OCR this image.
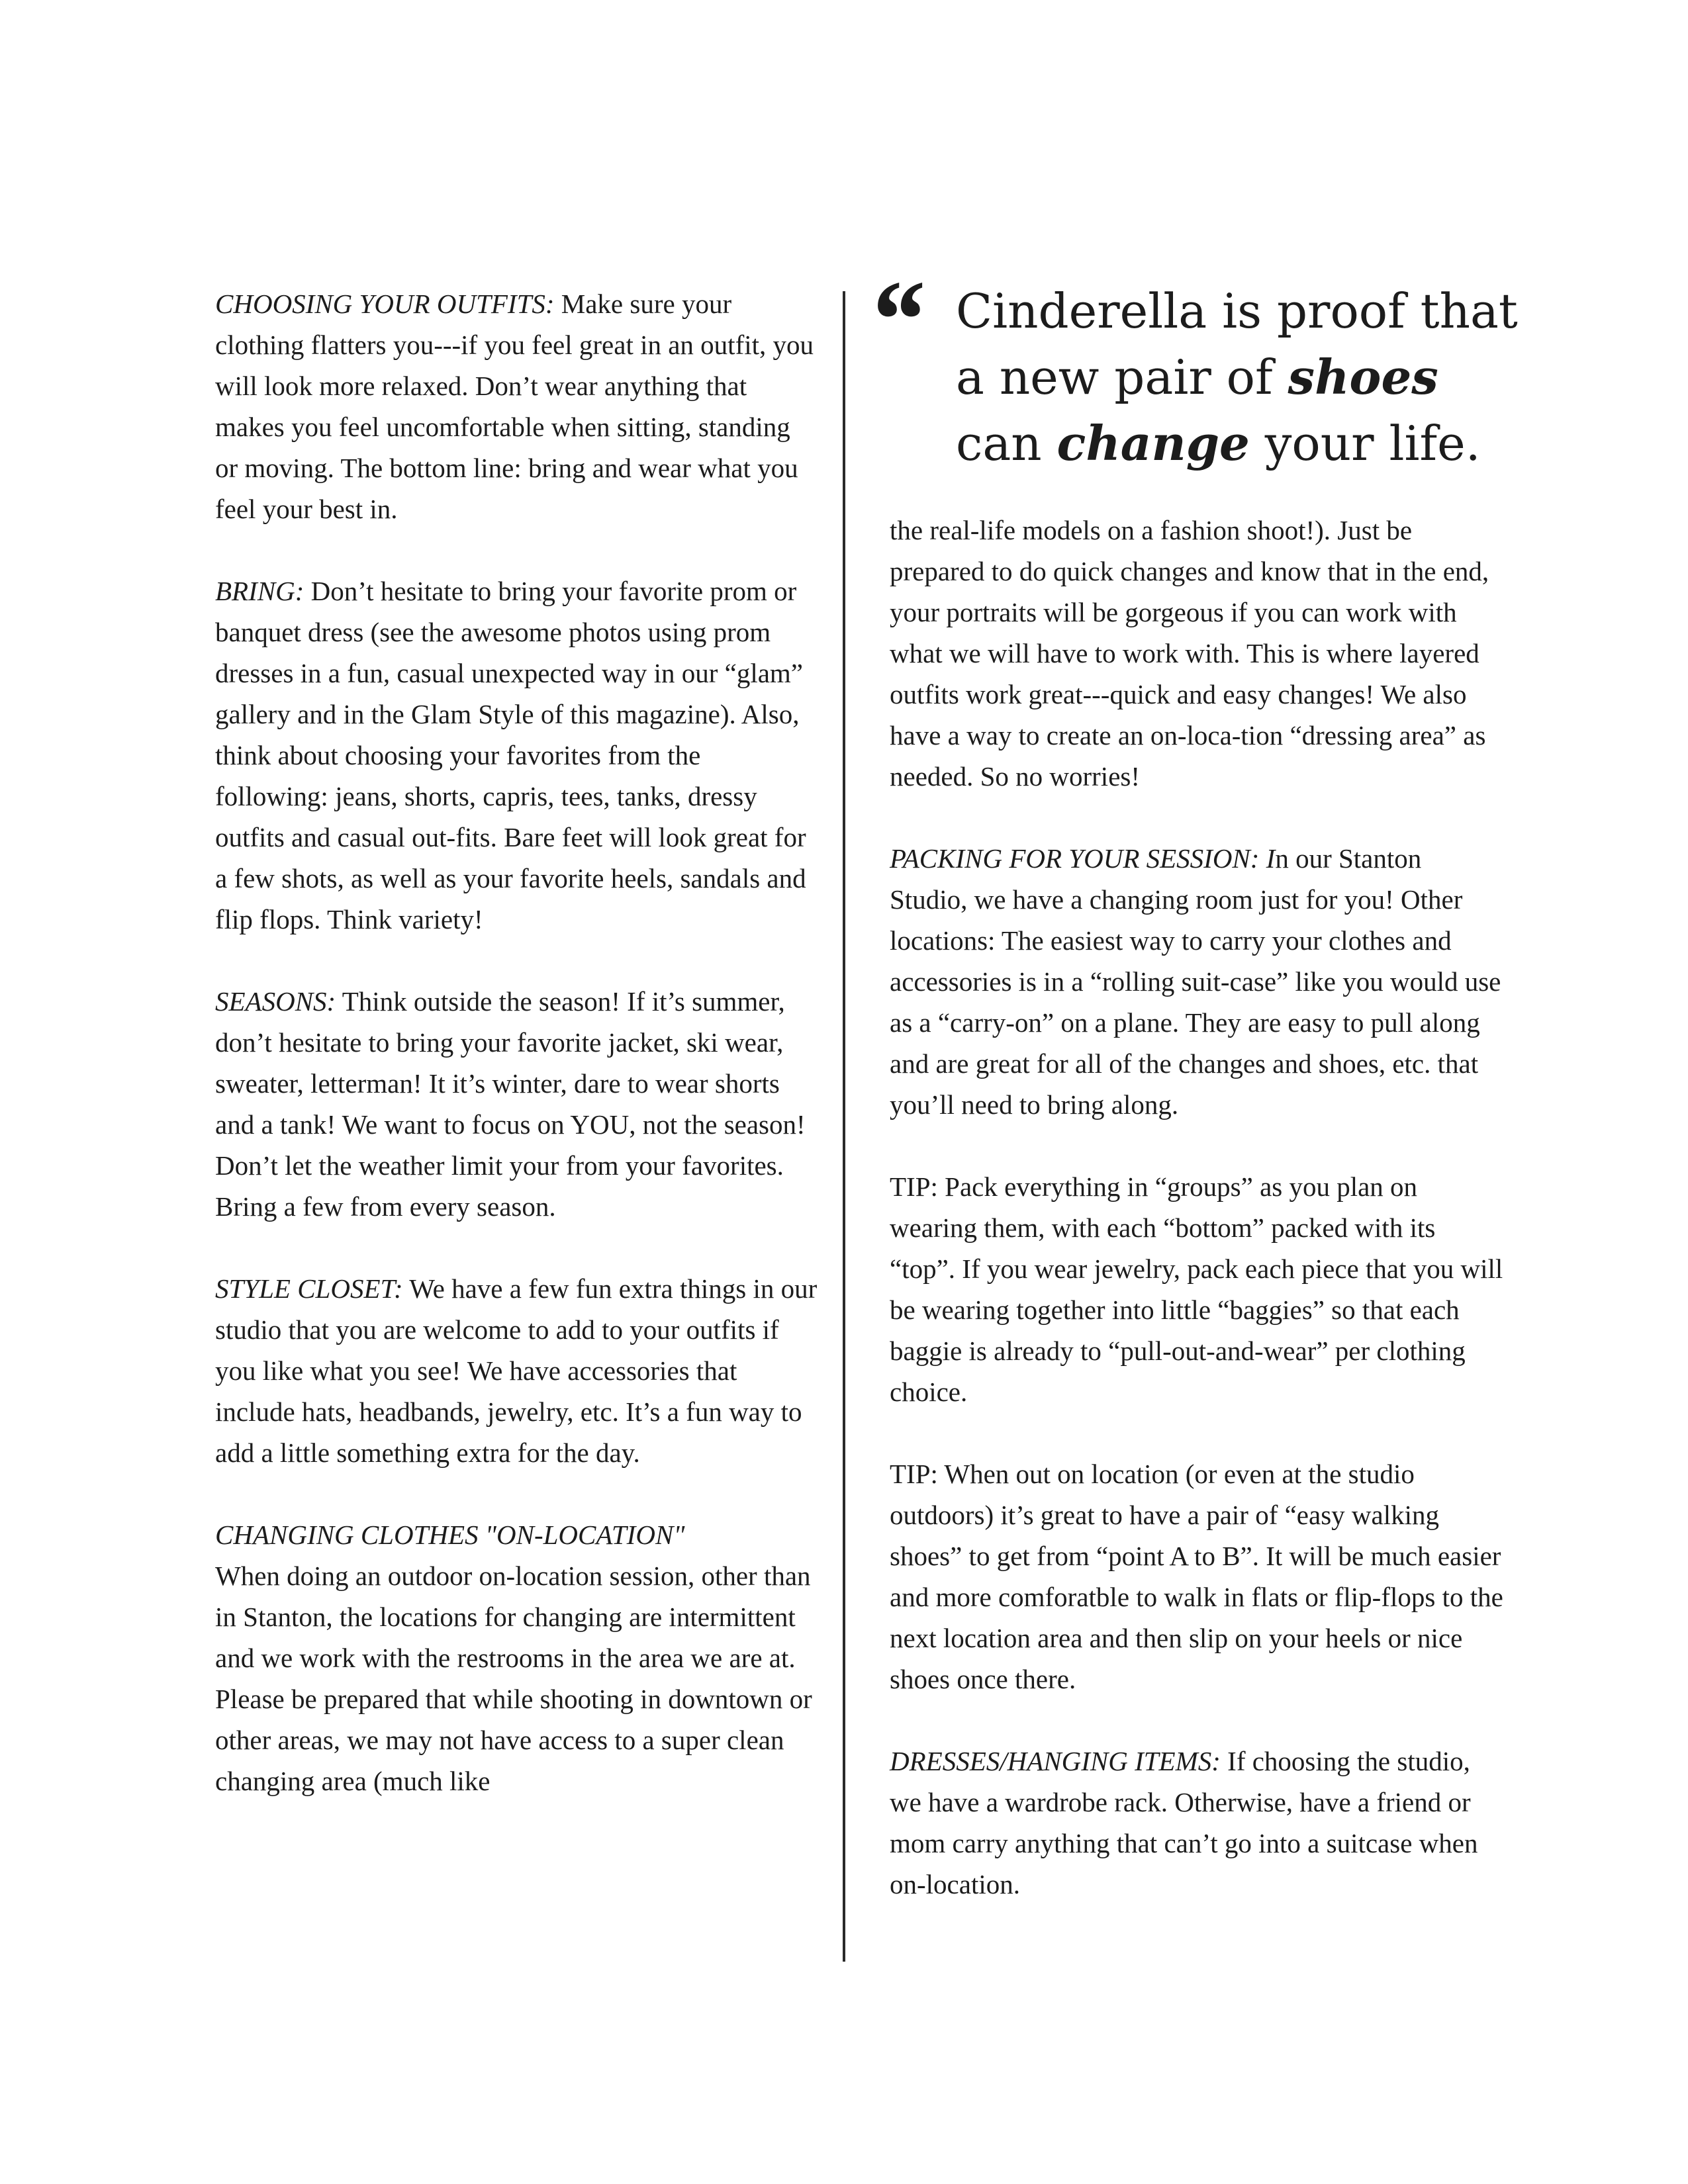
CHOOSING YOUR OUTFITS: Make sure your clothing flatters you---if you feel great in an outfit, you will look more relaxed. Don’t wear anything that makes you feel uncomfortable when sitting, standing or moving. The bottom line: bring and wear what you feel your best in.

BRING: Don’t hesitate to bring your favorite prom or banquet dress (see the awesome photos using prom dresses in a fun, casual unexpected way in our “glam” gallery and in the Glam Style of this magazine). Also, think about choosing your favorites from the following: jeans, shorts, capris, tees, tanks, dressy outfits and casual out-fits. Bare feet will look great for a few shots, as well as your favorite heels, sandals and flip flops. Think variety!

SEASONS: Think outside the season! If it’s summer, don’t hesitate to bring your favorite jacket, ski wear, sweater, letterman! It it’s winter, dare to wear shorts and a tank! We want to focus on YOU, not the season! Don’t let the weather limit your from your favorites. Bring a few from every season.

STYLE CLOSET: We have a few fun extra things in our studio that you are welcome to add to your outfits if you like what you see! We have accessories that include hats, headbands, jewelry, etc. It’s a fun way to add a little something extra for the day.

CHANGING CLOTHES "ON-LOCATION"
When doing an outdoor on-location session, other than in Stanton, the locations for changing are intermittent and we work with the restrooms in the area we are at. Please be prepared that while shooting in downtown or other areas, we may not have access to a super clean changing area (much like

“ Cinderella is proof that
a new pair of shoes
can change your life.

the real-life models on a fashion shoot!). Just be prepared to do quick changes and know that in the end, your portraits will be gorgeous if you can work with what we will have to work with. This is where layered outfits work great---quick and easy changes! We also have a way to create an on-loca-tion “dressing area” as needed. So no worries!

PACKING FOR YOUR SESSION: In our Stanton Studio, we have a changing room just for you! Other locations: The easiest way to carry your clothes and accessories is in a “rolling suit-case” like you would use as a “carry-on” on a plane. They are easy to pull along and are great for all of the changes and shoes, etc. that you’ll need to bring along.

TIP: Pack everything in “groups” as you plan on wearing them, with each “bottom” packed with its “top”. If you wear jewelry, pack each piece that you will be wearing together into little “baggies” so that each baggie is already to “pull-out-and-wear” per clothing choice.

TIP: When out on location (or even at the studio outdoors) it’s great to have a pair of “easy walking shoes” to get from “point A to B”. It will be much easier and more comforatble to walk in flats or flip-flops to the next location area and then slip on your heels or nice shoes once there.

DRESSES/HANGING ITEMS: If choosing the studio, we have a wardrobe rack. Otherwise, have a friend or mom carry anything that can’t go into a suitcase when on-location.
